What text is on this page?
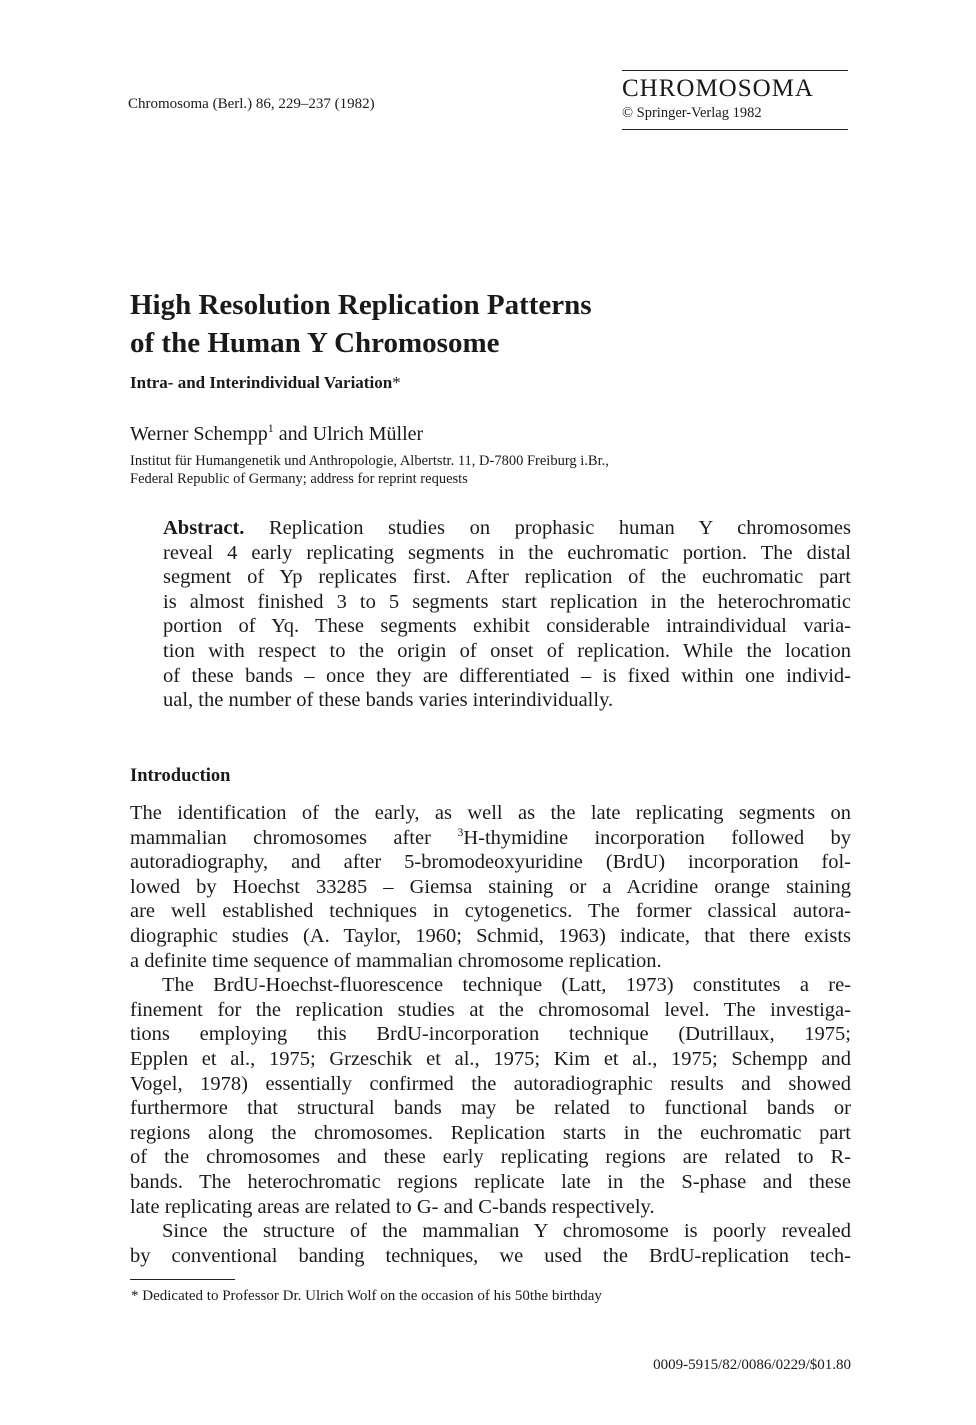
Chromosoma (Berl.) 86, 229–237 (1982)
CHROMOSOMA
© Springer-Verlag 1982
High Resolution Replication Patterns
of the Human Y Chromosome
Intra- and Interindividual Variation*
Werner Schempp$^1$ and Ulrich Müller
Institut für Humangenetik und Anthropologie, Albertstr. 11, D-7800 Freiburg i.Br.,
Federal Republic of Germany; address for reprint requests
Abstract. Replication studies on prophasic human Y chromosomes
reveal 4 early replicating segments in the euchromatic portion. The distal
segment of Yp replicates first. After replication of the euchromatic part
is almost finished 3 to 5 segments start replication in the heterochromatic
portion of Yq. These segments exhibit considerable intraindividual varia-
tion with respect to the origin of onset of replication. While the location
of these bands – once they are differentiated – is fixed within one individ-
ual, the number of these bands varies interindividually.
Introduction
The identification of the early, as well as the late replicating segments on
mammalian chromosomes after $^3$H-thymidine incorporation followed by
autoradiography, and after 5-bromodeoxyuridine (BrdU) incorporation fol-
lowed by Hoechst 33285 – Giemsa staining or a Acridine orange staining
are well established techniques in cytogenetics. The former classical autora-
diographic studies (A. Taylor, 1960; Schmid, 1963) indicate, that there exists
a definite time sequence of mammalian chromosome replication.
The BrdU-Hoechst-fluorescence technique (Latt, 1973) constitutes a re-
finement for the replication studies at the chromosomal level. The investiga-
tions employing this BrdU-incorporation technique (Dutrillaux, 1975;
Epplen et al., 1975; Grzeschik et al., 1975; Kim et al., 1975; Schempp and
Vogel, 1978) essentially confirmed the autoradiographic results and showed
furthermore that structural bands may be related to functional bands or
regions along the chromosomes. Replication starts in the euchromatic part
of the chromosomes and these early replicating regions are related to R-
bands. The heterochromatic regions replicate late in the S-phase and these
late replicating areas are related to G- and C-bands respectively.
Since the structure of the mammalian Y chromosome is poorly revealed
by conventional banding techniques, we used the BrdU-replication tech-
* Dedicated to Professor Dr. Ulrich Wolf on the occasion of his 50the birthday
0009-5915/82/0086/0229/$01.80
